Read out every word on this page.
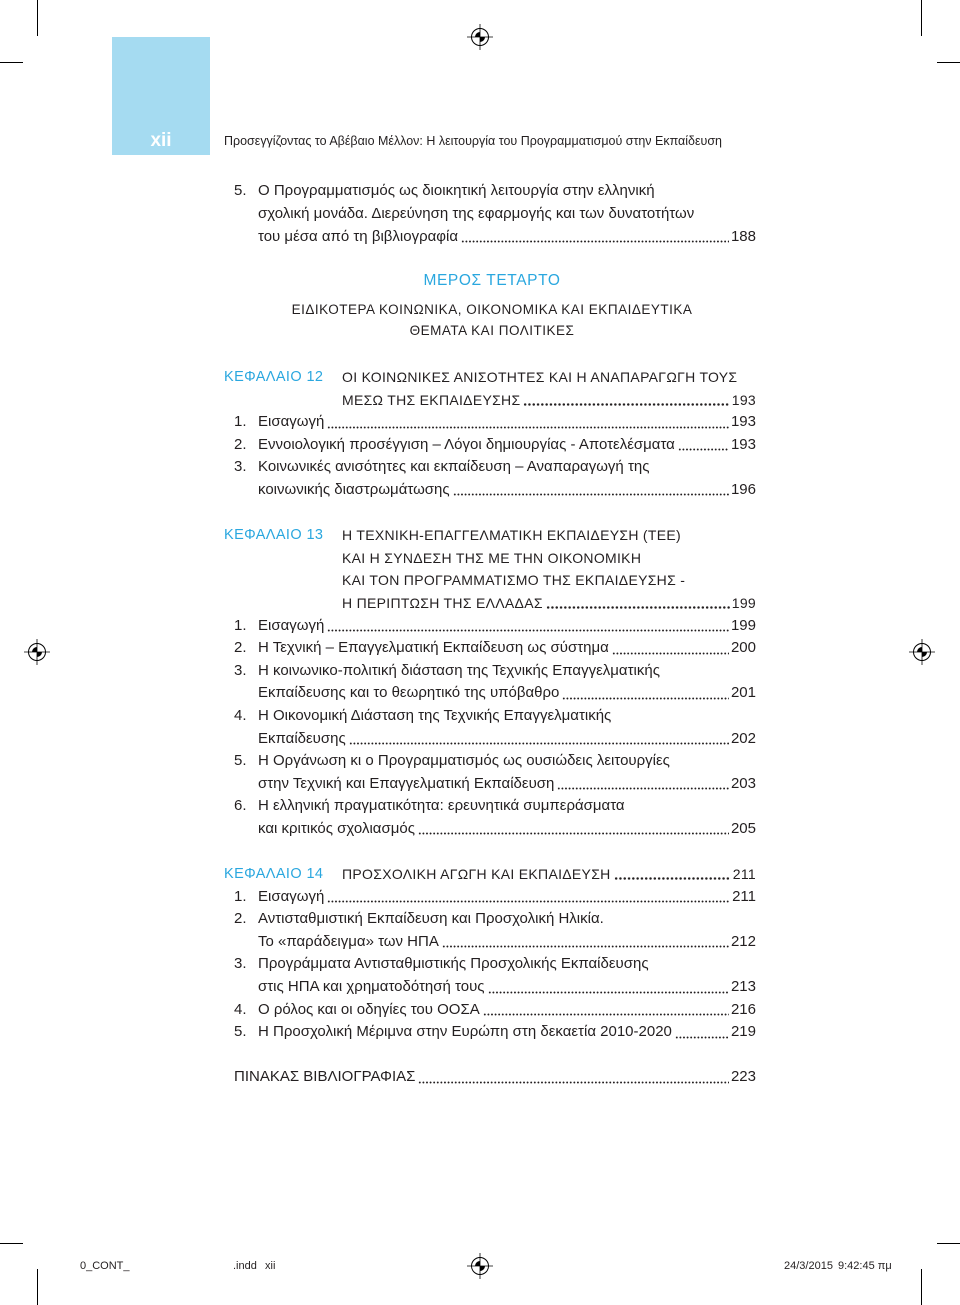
xii	Προσεγγίζοντας το Αβέβαιο Μέλλον: Η λειτουργία του Προγραμματισμού στην Εκπαίδευση
5. Ο Προγραμματισμός ως διοικητική λειτουργία στην ελληνική
σχολική μονάδα. Διερεύνηση της εφαρμογής και των δυνατοτήτων
του μέσα από τη βιβλιογραφία	188
ΜΕΡΟΣ ΤΕΤΑΡΤΟ
ΕΙΔΙΚΟΤΕΡΑ ΚΟΙΝΩΝΙΚΑ, ΟΙΚΟΝΟΜΙΚΑ ΚΑΙ ΕΚΠΑΙΔΕΥΤΙΚΑ
ΘΕΜΑΤΑ ΚΑΙ ΠΟΛΙΤΙΚΕΣ
ΚΕΦΑΛΑΙΟ 12	ΟΙ ΚΟΙΝΩΝΙΚΕΣ ΑΝΙΣΟΤΗΤΕΣ ΚΑΙ Η ΑΝΑΠΑΡΑΓΩΓΗ ΤΟΥΣ
ΜΕΣΩ ΤΗΣ ΕΚΠΑΙΔΕΥΣΗΣ	193
1. Εισαγωγή	193
2. Εννοιολογική προσέγγιση – Λόγοι δημιουργίας - Αποτελέσματα	193
3. Κοινωνικές ανισότητες και εκπαίδευση – Αναπαραγωγή της
κοινωνικής διαστρωμάτωσης	196
ΚΕΦΑΛΑΙΟ 13	Η ΤΕΧΝΙΚΗ-ΕΠΑΓΓΕΛΜΑΤΙΚΗ ΕΚΠΑΙΔΕΥΣΗ (ΤΕΕ)
ΚΑΙ Η ΣΥΝΔΕΣΗ ΤΗΣ ΜΕ ΤΗΝ ΟΙΚΟΝΟΜΙΚΗ
ΚΑΙ ΤΟΝ ΠΡΟΓΡΑΜΜΑΤΙΣΜΟ ΤΗΣ ΕΚΠΑΙΔΕΥΣΗΣ -
Η ΠΕΡΙΠΤΩΣΗ ΤΗΣ ΕΛΛΑΔΑΣ	199
1. Εισαγωγή	199
2. Η Τεχνική – Επαγγελματική Εκπαίδευση ως σύστημα	200
3. Η κοινωνικο-πολιτική διάσταση της Τεχνικής Επαγγελματικής
Εκπαίδευσης και το θεωρητικό της υπόβαθρο	201
4. Η Οικονομική Διάσταση της Τεχνικής Επαγγελματικής
Εκπαίδευσης	202
5. Η Οργάνωση κι ο Προγραμματισμός ως ουσιώδεις λειτουργίες
στην Τεχνική και Επαγγελματική Εκπαίδευση	203
6. Η ελληνική πραγματικότητα: ερευνητικά συμπεράσματα
και κριτικός σχολιασμός	205
ΚΕΦΑΛΑΙΟ 14	ΠΡΟΣΧΟΛΙΚΗ ΑΓΩΓΗ ΚΑΙ ΕΚΠΑΙΔΕΥΣΗ	211
1. Εισαγωγή	211
2. Αντισταθμιστική Εκπαίδευση και Προσχολική Ηλικία.
Το «παράδειγμα» των ΗΠΑ	212
3. Προγράμματα Αντισταθμιστικής Προσχολικής Εκπαίδευσης
στις ΗΠΑ και χρηματοδότησή τους	213
4. Ο ρόλος και οι οδηγίες του ΟΟΣΑ	216
5. Η Προσχολική Μέριμνα στην Ευρώπη στη δεκαετία 2010-2020	219
ΠΙΝΑΚΑΣ ΒΙΒΛΙΟΓΡΑΦΙΑΣ	223
0_CONT_	.indd xii	24/3/2015 9:42:45 πμ
